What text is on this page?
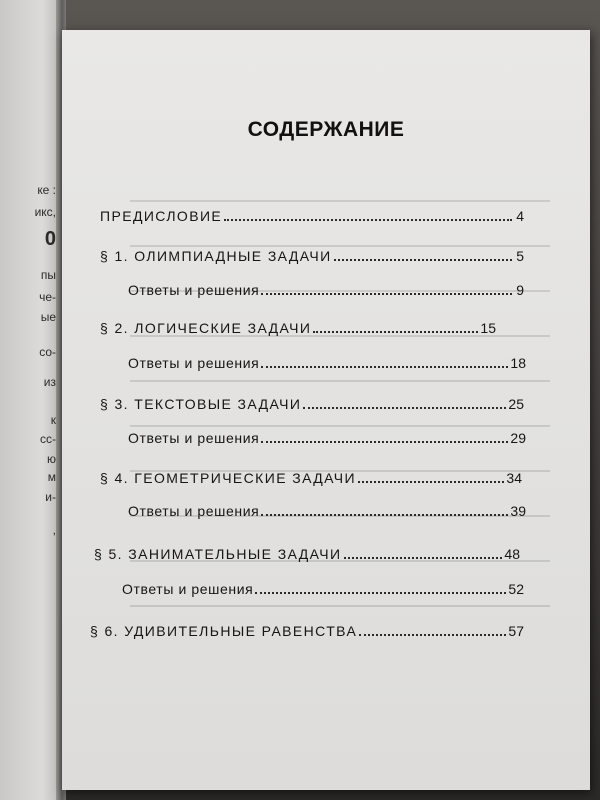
кe :
икс,
0
пы
че-
ые
со-
из
к
сс-
ю
м
и-
,
СОДЕРЖАНИЕ
ПРЕДИСЛОВИЕ	4
§ 1. ОЛИМПИАДНЫЕ ЗАДАЧИ	5
Ответы и решения	9
§ 2. ЛОГИЧЕСКИЕ ЗАДАЧИ	15
Ответы и решения	18
§ 3. ТЕКСТОВЫЕ ЗАДАЧИ	25
Ответы и решения	29
§ 4. ГЕОМЕТРИЧЕСКИЕ ЗАДАЧИ	34
Ответы и решения	39
§ 5. ЗАНИМАТЕЛЬНЫЕ ЗАДАЧИ	48
Ответы и решения	52
§ 6. УДИВИТЕЛЬНЫЕ РАВЕНСТВА	57
